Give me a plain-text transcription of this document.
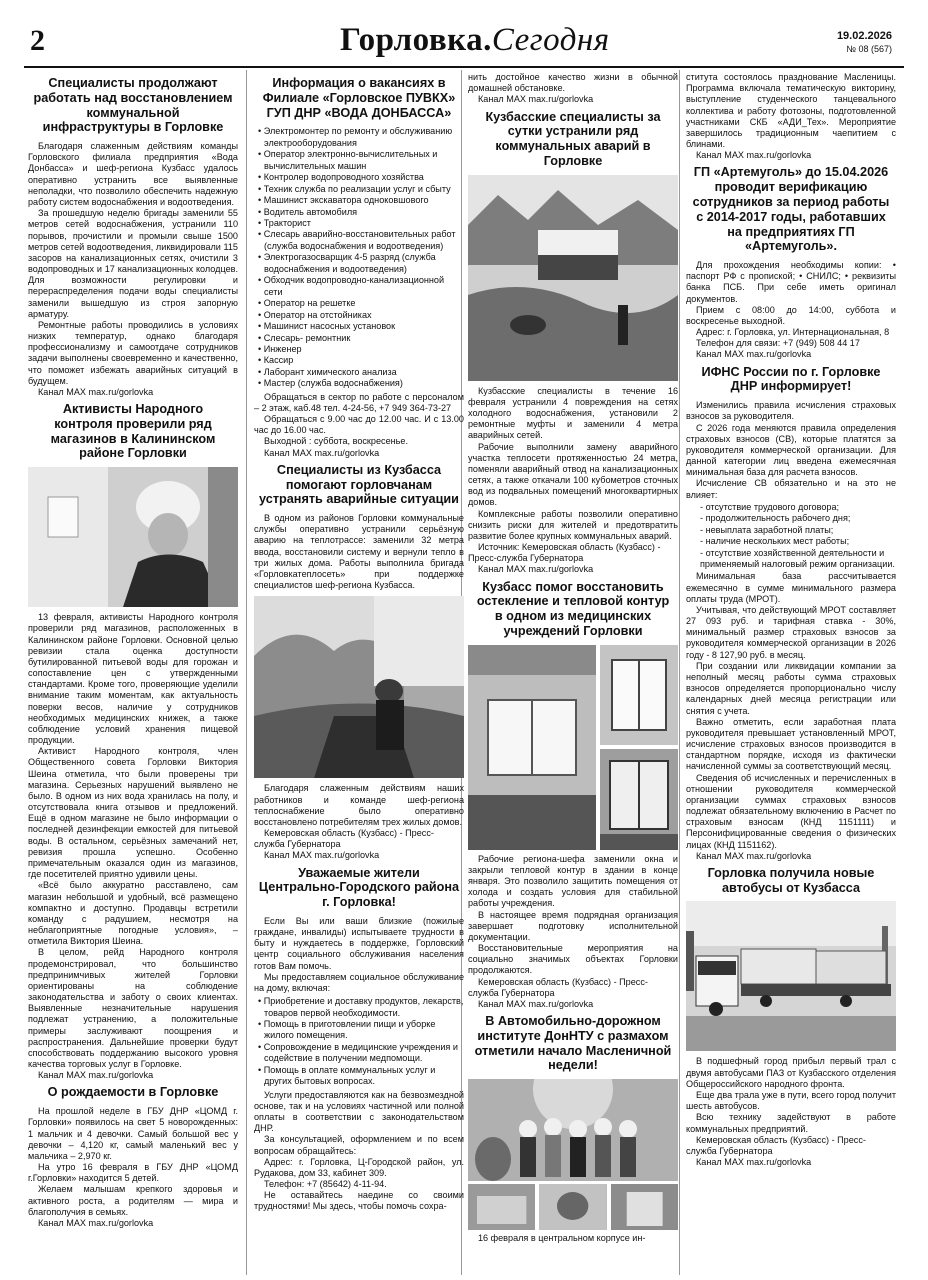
2	Горловка.Сегодня	19.02.2026
№ 08 (567)
Специалисты продолжают работать над восстановлением коммунальной инфраструктуры в Горловке

Благодаря слаженным действиям команды Горловского филиала предприятия «Вода Донбасса» и шеф-региона Кузбасс удалось оперативно устранить все выявленные неполадки, что позволило обеспечить надежную работу систем водоснабжения и водоотведения.

За прошедшую неделю бригады заменили 55 метров сетей водоснабжения, устранили 110 порывов, прочистили и промыли свыше 1500 метров сетей водоотведения, ликвидировали 115 засоров на канализационных сетях, очистили 3 водопроводных и 17 канализационных колодцев. Для возможности регулировки и перераспределения подачи воды специалисты заменили вышедшую из строя запорную арматуру.

Ремонтные работы проводились в условиях низких температур, однако благодаря профессионализму и самоотдаче сотрудников задачи выполнены своевременно и качественно, что поможет избежать аварийных ситуаций в будущем.

Канал MAX max.ru/gorlovka

Активисты Народного контроля проверили ряд магазинов в Калининском районе Горловки

13 февраля, активисты Народного контроля проверили ряд магазинов, расположенных в Калининском районе Горловки. Основной целью ревизии стала оценка доступности бутилированной питьевой воды для горожан и сопоставление цен с утвержденными стандартами. Кроме того, проверяющие уделили внимание таким моментам, как актуальность поверки весов, наличие у сотрудников необходимых медицинских книжек, а также соблюдение условий хранения пищевой продукции.

Активист Народного контроля, член Общественного совета Горловки Виктория Шеина отметила, что были проверены три магазина. Серьезных нарушений выявлено не было. В одном из них вода хранилась на полу, и отсутствовала книга отзывов и предложений. Ещё в одном магазине не было информации о последней дезинфекции емкостей для питьевой воды. В остальном, серьёзных замечаний нет, ревизия прошла успешно. Особенно примечательным оказался один из магазинов, где посетителей приятно удивили цены.

«Всё было аккуратно расставлено, сам магазин небольшой и удобный, всё размещено компактно и доступно. Продавцы встретили команду с радушием, несмотря на неблагоприятные погодные условия», – отметила Виктория Шеина.

В целом, рейд Народного контроля продемонстрировал, что большинство предпринимчивых жителей Горловки ориентированы на соблюдение законодательства и заботу о своих клиентах. Выявленные незначительные нарушения подлежат устранению, а положительные примеры заслуживают поощрения и распространения. Дальнейшие проверки будут способствовать поддержанию высокого уровня качества торговых услуг в Горловке.

Канал MAX max.ru/gorlovka

О рождаемости в Горловке

На прошлой неделе в ГБУ ДНР «ЦОМД г. Горловки» появилось на свет 5 новорожденных: 1 мальчик и 4 девочки. Самый большой вес у девочки – 4,120 кг, самый маленький вес у мальчика – 2,970 кг.

На утро 16 февраля в ГБУ ДНР «ЦОМД г.Горловки» находится 5 детей.

Желаем малышам крепкого здоровья и активного роста, а родителям — мира и благополучия в семьях.

Канал MAX max.ru/gorlovka

Информация о вакансиях в Филиале «Горловское ПУВКХ» ГУП ДНР «ВОДА ДОНБАССА»
• Электромонтер по ремонту и обслуживанию электрооборудования
• Оператор электронно-вычислительных и вычислительных машин
• Контролер водопроводного хозяйства
• Техник служба по реализации услуг и сбыту
• Машинист экскаватора одноковшового
• Водитель автомобиля
• Тракторист
• Слесарь аварийно-восстановительных работ (служба водоснабжения и водоотведения)
• Электрогазосварщик 4-5 разряд (служба водоснабжения и водоотведения)
• Обходчик водопроводно-канализационной сети
• Оператор на решетке
• Оператор на отстойниках
• Машинист насосных установок
• Слесарь- ремонтник
• Инженер
• Кассир
• Лаборант химического анализа
• Мастер (служба водоснабжения)

Обращаться в сектор по работе с персоналом – 2 этаж, каб.48 тел. 4-24-56, +7 949 364-73-27

Обращаться с 9.00 час до 12.00 час. И с 13.00 час до 16.00 час.

Выходной : суббота, воскресенье.

Канал MAX max.ru/gorlovka

Специалисты из Кузбасса помогают горловчанам устранять аварийные ситуации

В одном из районов Горловки коммунальные службы оперативно устранили серьёзную аварию на теплотрассе: заменили 32 метра ввода, восстановили систему и вернули тепло в три жилых дома. Работы выполнила бригада «Горловкатеплосеть» при поддержке специалистов шеф-региона Кузбасса.

Благодаря слаженным действиям наших работников и команде шеф-региона теплоснабжение было оперативно восстановлено потребителям трех жилых домов.

Кемеровская область (Кузбасс) - Пресс-служба Губернатора

Канал MAX max.ru/gorlovka

Уважаемые жители Центрально-Городского района г. Горловка!

Если Вы или ваши близкие (пожилые граждане, инвалиды) испытываете трудности в быту и нуждаетесь в поддержке, Горловский центр социального обслуживания населения готов Вам помочь.

Мы предоставляем социальное обслуживание на дому, включая:

• Приобретение и доставку продуктов, лекарств, товаров первой необходимости.
• Помощь в приготовлении пищи и уборке жилого помещения.
• Сопровождение в медицинские учреждения и содействие в получении медпомощи.
• Помощь в оплате коммунальных услуг и других бытовых вопросах.

Услуги предоставляются как на безвозмездной основе, так и на условиях частичной или полной оплаты в соответствии с законодательством ДНР.

За консультацией, оформлением и по всем вопросам обращайтесь:

Адрес: г. Горловка, Ц-Городской район, ул. Рудакова, дом 33, кабинет 309.

Телефон: +7 (85642) 4-11-94.

Не оставайтесь наедине со своими трудностями! Мы здесь, чтобы помочь сохра-

нить достойное качество жизни в обычной домашней обстановке.

Канал MAX max.ru/gorlovka

Кузбасские специалисты за сутки устранили ряд коммунальных аварий в Горловке

Кузбасские специалисты в течение 16 февраля устранили 4 повреждения на сетях холодного водоснабжения, установили 2 ремонтные муфты и заменили 4 метра аварийных сетей.

Рабочие выполнили замену аварийного участка теплосети протяженностью 24 метра, поменяли аварийный отвод на канализационных сетях, а также откачали 100 кубометров сточных вод из подвальных помещений многоквартирных домов.

Комплексные работы позволили оперативно снизить риски для жителей и предотвратить развитие более крупных коммунальных аварий.

Источник: Кемеровская область (Кузбасс) - Пресс-служба Губернатора

Канал MAX max.ru/gorlovka

Кузбасс помог восстановить остекление и тепловой контур в одном из медицинских учреждений Горловки

Рабочие региона-шефа заменили окна и закрыли тепловой контур в здании в конце января. Это позволило защитить помещения от холода и создать условия для стабильной работы учреждения.

В настоящее время подрядная организация завершает подготовку исполнительной документации.

Восстановительные мероприятия на социально значимых объектах Горловки продолжаются.

Кемеровская область (Кузбасс) - Пресс-служба Губернатора

Канал MAX max.ru/gorlovka

В Автомобильно-дорожном институте ДонНТУ с размахом отметили начало Масленичной недели!

16 февраля в центральном корпусе ин-

ститута состоялось празднование Масленицы. Программа включала тематическую викторину, выступление студенческого танцевального коллектива и работу фотозоны, подготовленной участниками СКБ «АДИ_Тех». Мероприятие завершилось традиционным чаепитием с блинами.

Канал MAX max.ru/gorlovka

ГП «Артемуголь» до 15.04.2026 проводит верификацию сотрудников за период работы с 2014-2017 годы, работавших на предприятиях ГП «Артемуголь».

Для прохождения необходимы копии: • паспорт РФ с пропиской; • СНИЛС; • реквизиты банка ПСБ. При себе иметь оригинал документов.

Прием с 08:00 до 14:00, суббота и воскресенье выходной.

Адрес: г. Горловка, ул. Интернациональная, 8

Телефон для связи: +7 (949) 508 44 17

Канал MAX max.ru/gorlovka

ИФНС России по г. Горловке ДНР информирует!

Изменились правила исчисления страховых взносов за руководителя.

С 2026 года меняются правила определения страховых взносов (СВ), которые платятся за руководителя коммерческой организации. Для данной категории лиц введена ежемесячная минимальная база для расчета взносов.

Исчисление СВ обязательно и на это не влияет:

- отсутствие трудового договора;
- продолжительность рабочего дня;
- невыплата заработной платы;
- наличие нескольких мест работы;
- отсутствие хозяйственной деятельности и применяемый налоговый режим организации.

Минимальная база рассчитывается ежемесячно в сумме минимального размера оплаты труда (МРОТ).

Учитывая, что действующий МРОТ составляет 27 093 руб. и тарифная ставка - 30%, минимальный размер страховых взносов за руководителя коммерческой организации в 2026 году - 8 127,90 руб. в месяц.

При создании или ликвидации компании за неполный месяц работы сумма страховых взносов определяется пропорционально числу календарных дней месяца регистрации или снятия с учета.

Важно отметить, если заработная плата руководителя превышает установленный МРОТ, исчисление страховых взносов производится в стандартном порядке, исходя из фактически начисленной суммы за соответствующий месяц.

Сведения об исчисленных и перечисленных в отношении руководителя коммерческой организации суммах страховых взносов подлежат обязательному включению в Расчет по страховым взносам (КНД 1151111) и Персонифицированные сведения о физических лицах (КНД 1151162).

Канал MAX max.ru/gorlovka

Горловка получила новые автобусы от Кузбасса

В подшефный город прибыл первый трал с двумя автобусами ПАЗ от Кузбасского отделения Общероссийского народного фронта.

Еще два трала уже в пути, всего город получит шесть автобусов.

Всю технику задействуют в работе коммунальных предприятий.

Кемеровская область (Кузбасс) - Пресс-служба Губернатора

Канал MAX max.ru/gorlovka
